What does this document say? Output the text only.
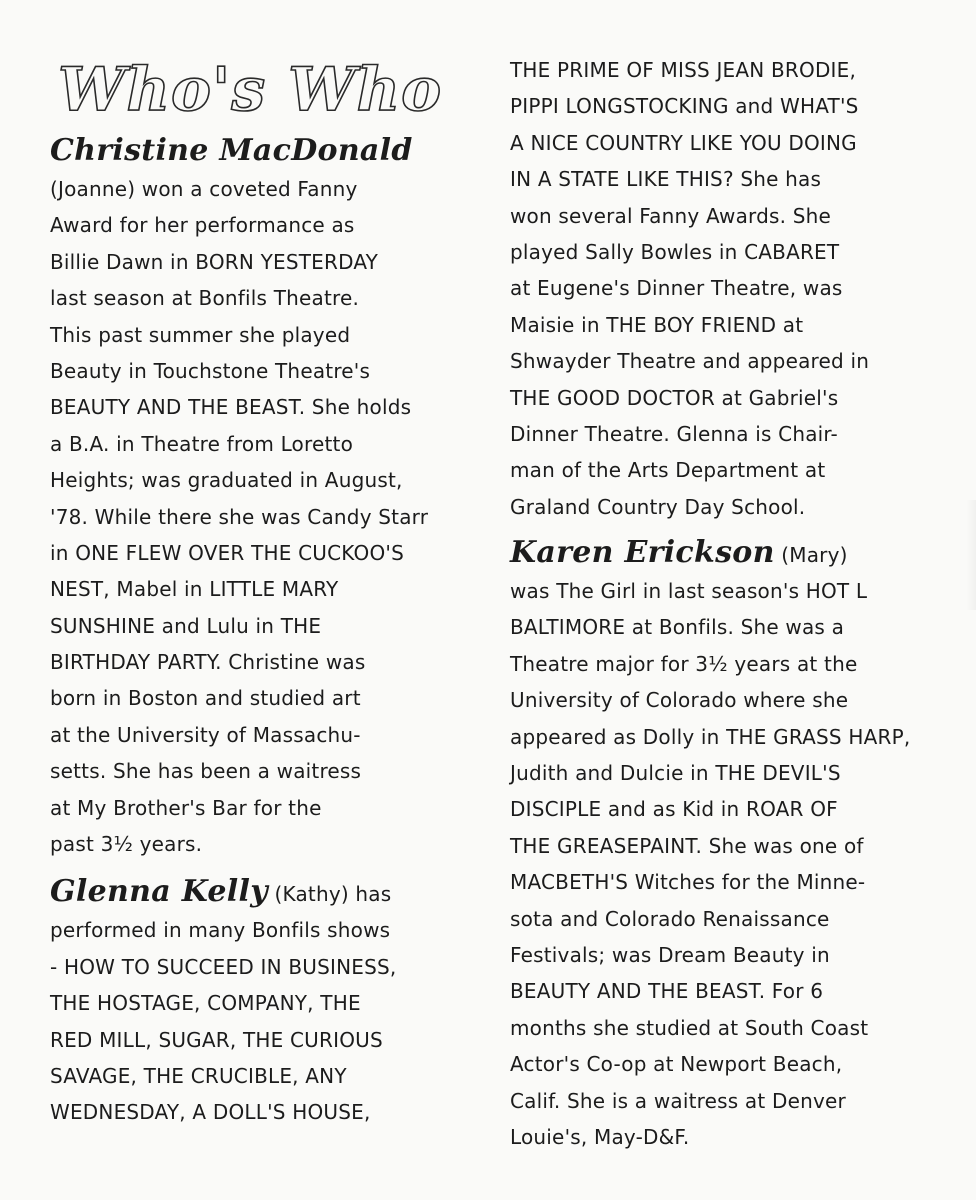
Who's Who
Christine MacDonald
(Joanne) won a coveted Fanny
Award for her performance as
Billie Dawn in BORN YESTERDAY
last season at Bonfils Theatre.
This past summer she played
Beauty in Touchstone Theatre's
BEAUTY AND THE BEAST. She holds
a B.A. in Theatre from Loretto
Heights; was graduated in August,
'78. While there she was Candy Starr
in ONE FLEW OVER THE CUCKOO'S
NEST, Mabel in LITTLE MARY
SUNSHINE and Lulu in THE
BIRTHDAY PARTY. Christine was
born in Boston and studied art
at the University of Massachu-
setts. She has been a waitress
at My Brother's Bar for the
past 3½ years.
Glenna Kelly (Kathy) has
performed in many Bonfils shows
- HOW TO SUCCEED IN BUSINESS,
THE HOSTAGE, COMPANY, THE
RED MILL, SUGAR, THE CURIOUS
SAVAGE, THE CRUCIBLE, ANY
WEDNESDAY, A DOLL'S HOUSE,
THE PRIME OF MISS JEAN BRODIE,
PIPPI LONGSTOCKING and WHAT'S
A NICE COUNTRY LIKE YOU DOING
IN A STATE LIKE THIS? She has
won several Fanny Awards. She
played Sally Bowles in CABARET
at Eugene's Dinner Theatre, was
Maisie in THE BOY FRIEND at
Shwayder Theatre and appeared in
THE GOOD DOCTOR at Gabriel's
Dinner Theatre. Glenna is Chair-
man of the Arts Department at
Graland Country Day School.
Karen Erickson (Mary)
was The Girl in last season's HOT L
BALTIMORE at Bonfils. She was a
Theatre major for 3½ years at the
University of Colorado where she
appeared as Dolly in THE GRASS HARP,
Judith and Dulcie in THE DEVIL'S
DISCIPLE and as Kid in ROAR OF
THE GREASEPAINT. She was one of
MACBETH'S Witches for the Minne-
sota and Colorado Renaissance
Festivals; was Dream Beauty in
BEAUTY AND THE BEAST. For 6
months she studied at South Coast
Actor's Co-op at Newport Beach,
Calif. She is a waitress at Denver
Louie's, May-D&F.
